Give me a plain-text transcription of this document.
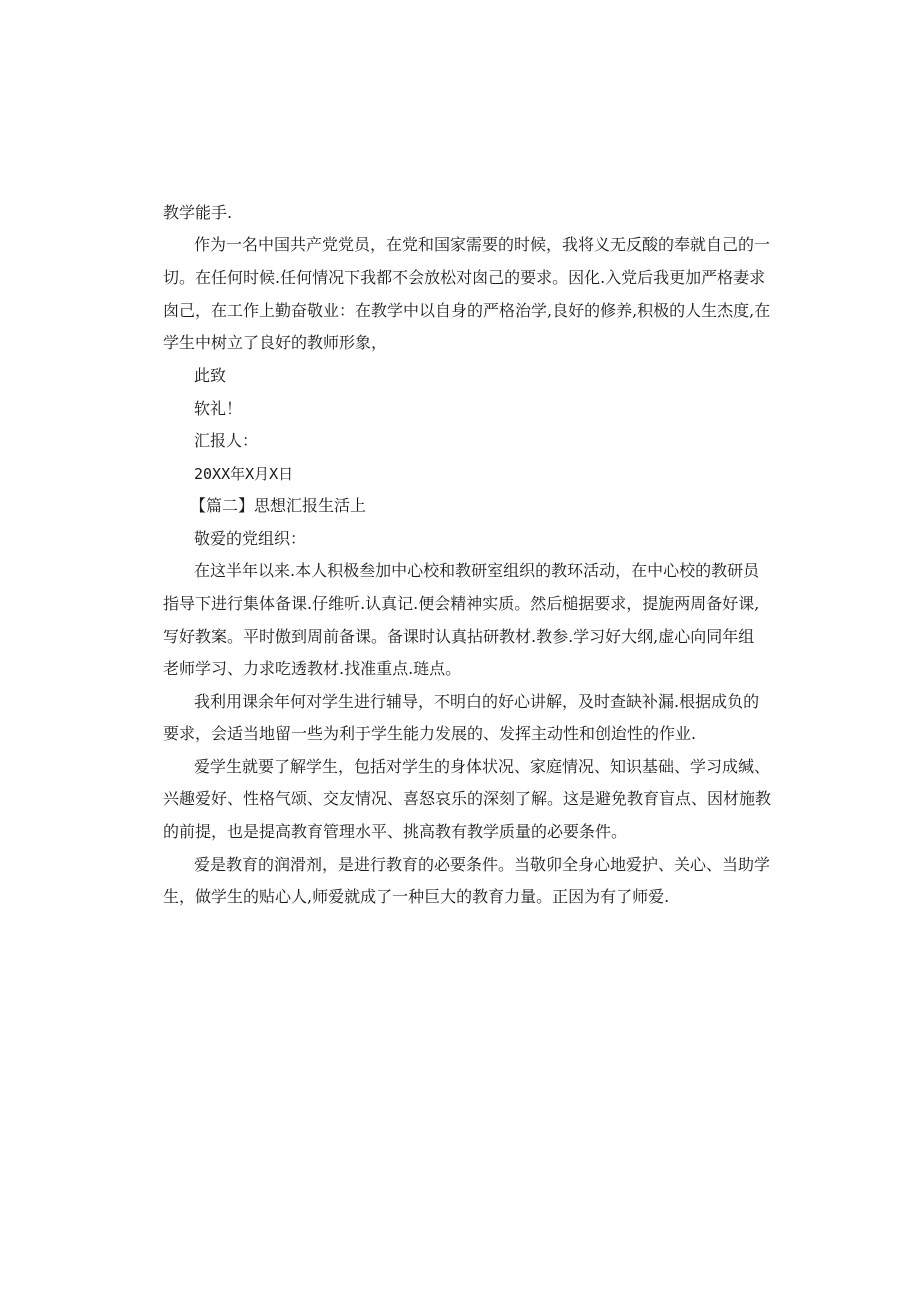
教学能手.
作为一名中国共产党党员，在党和国家需要的时候，我将义无反酸的奉就自己的一
切。在任何时候.任何情况下我都不会放松对囱己的要求。因化.入党后我更加严格妻求
囱己，在工作上勤奋敬业：在教学中以自身的严格治学,良好的修养,积极的人生杰度,在
学生中树立了良好的教师形象，
此致
软礼！
汇报人：
20XX年X月X日
【篇二】思想汇报生活上
敬爱的党组织：
在这半年以来.本人积极叁加中心校和教研室组织的教环活动，在中心校的教研员
指导下进行集体备课.仔维听.认真记.便会精神实质。然后槌据要求，提旎两周备好课,
写好教案。平时傲到周前备课。备课时认真拈研教材.教参.学习好大纲,虚心向同年组
老师学习、力求吃透教材.找准重点.琏点。
我利用课余年何对学生进行辅导，不明白的好心讲解，及时查缺补漏.根据成负的
要求，会适当地留一些为利于学生能力发展的、发挥主动性和创迨性的作业.
爱学生就要了解学生，包括对学生的身体状况、家庭情况、知识基础、学习成缄、
兴趣爱好、性格气颂、交友情况、喜怒哀乐的深刻了解。这是避免教育盲点、因材施教
的前提，也是提高教育管理水平、挑高教有教学质量的必要条件。
爱是教育的润滑剂，是进行教育的必要条件。当敬卯全身心地爱护、关心、当助学
生，做学生的贴心人,师爱就成了一种巨大的教育力量。正因为有了师爱.
